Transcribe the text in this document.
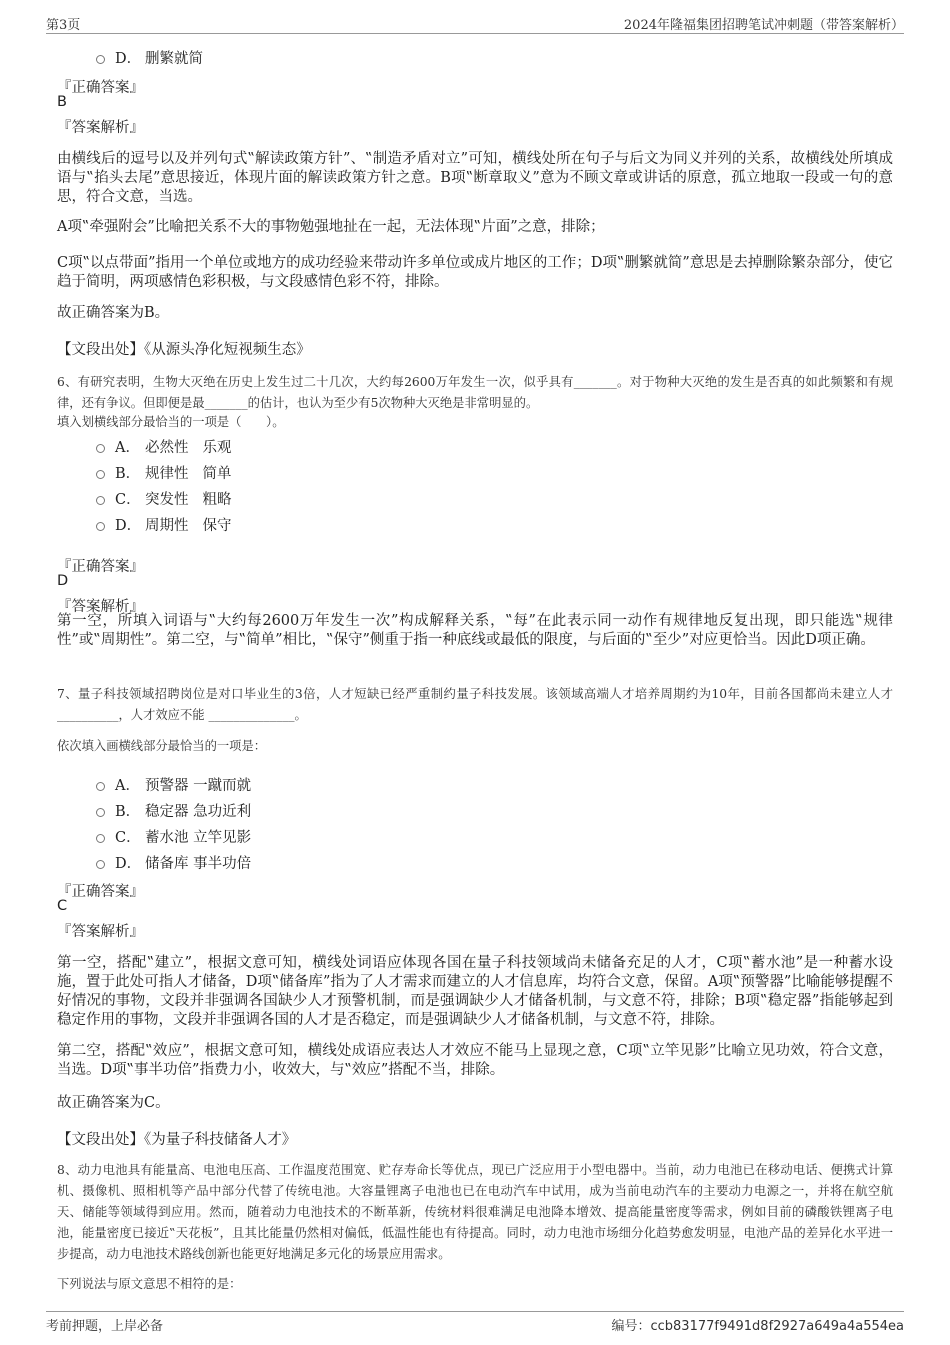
第3页	2024年隆福集团招聘笔试冲刺题（带答案解析）
D． 删繁就简
『正确答案』
B
『答案解析』
由横线后的逗号以及并列句式‟解读政策方针”、‟制造矛盾对立”可知，横线处所在句子与后文为同义并列的关系，故横线处所填成语与‟掐头去尾”意思接近，体现片面的解读政策方针之意。B项‟断章取义”意为不顾文章或讲话的原意，孤立地取一段或一句的意思，符合文意，当选。
A项‟牵强附会”比喻把关系不大的事物勉强地扯在一起，无法体现‟片面”之意，排除；
C项‟以点带面”指用一个单位或地方的成功经验来带动许多单位或成片地区的工作；D项‟删繁就简”意思是去掉删除繁杂部分，使它趋于简明，两项感情色彩积极，与文段感情色彩不符，排除。
故正确答案为B。
【文段出处】《从源头净化短视频生态》
6、有研究表明，生物大灭绝在历史上发生过二十几次，大约每2600万年发生一次，似乎具有_______。对于物种大灭绝的发生是否真的如此频繁和有规律，还有争议。但即便是最_______的估计，也认为至少有5次物种大灭绝是非常明显的。
填入划横线部分最恰当的一项是（　　）。
A． 必然性 乐观
B． 规律性 简单
C． 突发性 粗略
D． 周期性 保守
『正确答案』
D
『答案解析』
第一空，所填入词语与‟大约每2600万年发生一次”构成解释关系，‟每”在此表示同一动作有规律地反复出现，即只能选‟规律性”或‟周期性”。第二空，与‟简单”相比，‟保守”侧重于指一种底线或最低的限度，与后面的‟至少”对应更恰当。因此D项正确。
7、量子科技领域招聘岗位是对口毕业生的3倍，人才短缺已经严重制约量子科技发展。该领域高端人才培养周期约为10年，目前各国都尚未建立人才 __________，人才效应不能 ______________。
依次填入画横线部分最恰当的一项是：
A． 预警器 一蹴而就
B． 稳定器 急功近利
C． 蓄水池 立竿见影
D． 储备库 事半功倍
『正确答案』
C
『答案解析』
第一空，搭配‟建立”，根据文意可知，横线处词语应体现各国在量子科技领域尚未储备充足的人才，C项‟蓄水池”是一种蓄水设施，置于此处可指人才储备，D项‟储备库”指为了人才需求而建立的人才信息库，均符合文意，保留。A项‟预警器”比喻能够提醒不好情况的事物，文段并非强调各国缺少人才预警机制，而是强调缺少人才储备机制，与文意不符，排除；B项‟稳定器”指能够起到稳定作用的事物，文段并非强调各国的人才是否稳定，而是强调缺少人才储备机制，与文意不符，排除。
第二空，搭配‟效应”，根据文意可知，横线处成语应表达人才效应不能马上显现之意，C项‟立竿见影”比喻立见功效，符合文意，当选。D项‟事半功倍”指费力小，收效大，与‟效应”搭配不当，排除。
故正确答案为C。
【文段出处】《为量子科技储备人才》
8、动力电池具有能量高、电池电压高、工作温度范围宽、贮存寿命长等优点，现已广泛应用于小型电器中。当前，动力电池已在移动电话、便携式计算机、摄像机、照相机等产品中部分代替了传统电池。大容量锂离子电池也已在电动汽车中试用，成为当前电动汽车的主要动力电源之一，并将在航空航天、储能等领域得到应用。然而，随着动力电池技术的不断革新，传统材料很难满足电池降本增效、提高能量密度等需求，例如目前的磷酸铁锂离子电池，能量密度已接近‟天花板”，且其比能量仍然相对偏低，低温性能也有待提高。同时，动力电池市场细分化趋势愈发明显，电池产品的差异化水平进一步提高，动力电池技术路线创新也能更好地满足多元化的场景应用需求。
下列说法与原文意思不相符的是：
考前押题，上岸必备	编号：ccb83177f9491d8f2927a649a4a554ea
